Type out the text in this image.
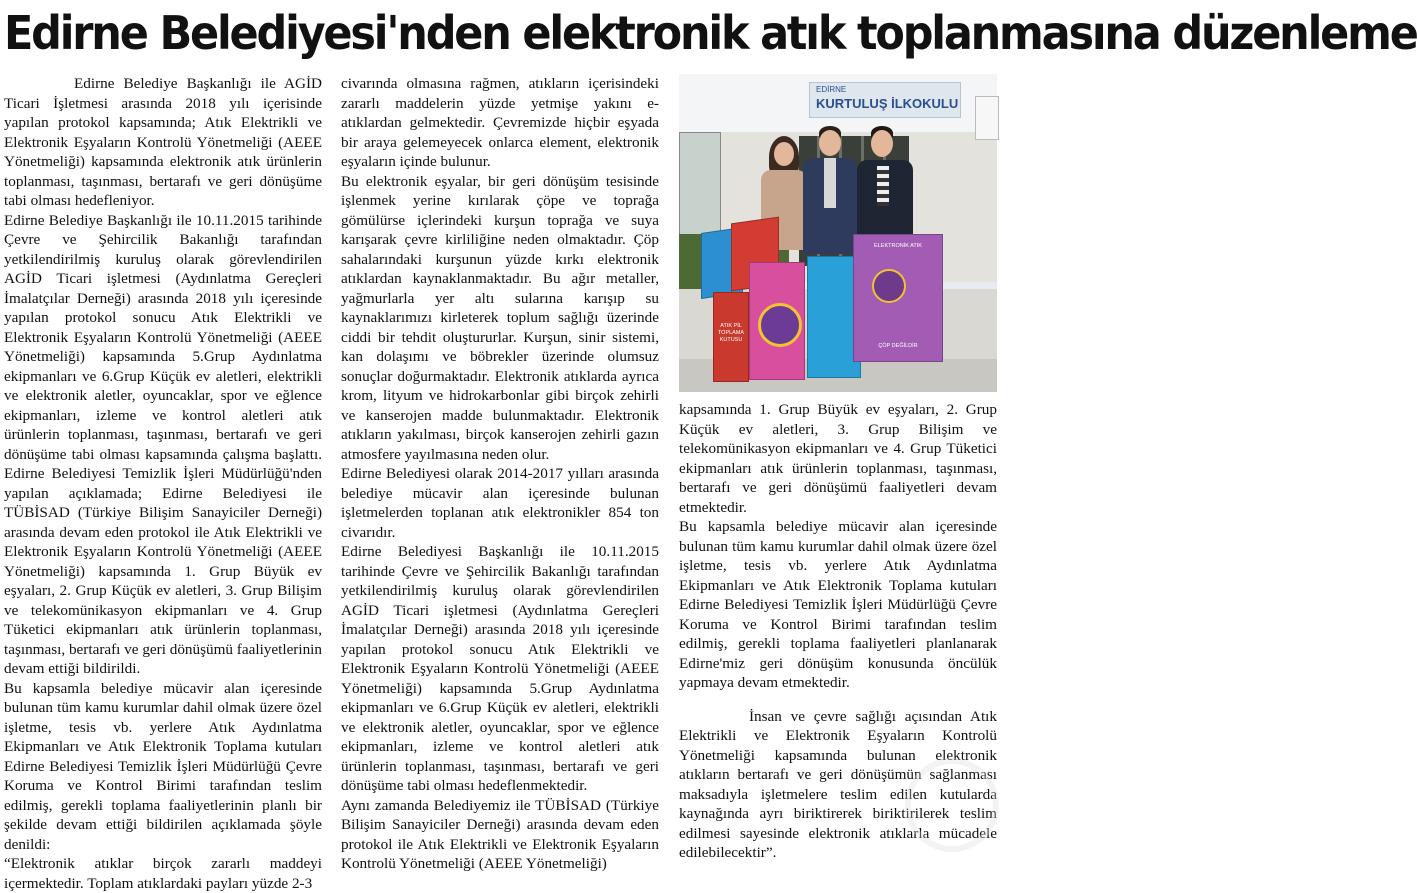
Edirne Belediyesi'nden elektronik atık toplanmasına düzenleme

Edirne Belediye Başkanlığı ile AGİD Ticari İşletmesi arasında 2018 yılı içerisinde yapılan protokol kapsamında; Atık Elektrikli ve Elektronik Eşyaların Kontrolü Yönetmeliği (AEEE Yönetmeliği) kapsamında elektronik atık ürünlerin toplanması, taşınması, bertarafı ve geri dönüşüme tabi olması hedefleniyor.

Edirne Belediye Başkanlığı ile 10.11.2015 tarihinde Çevre ve Şehircilik Bakanlığı tarafından yetkilendirilmiş kuruluş olarak görevlendirilen AGİD Ticari işletmesi (Aydınlatma Gereçleri İmalatçılar Derneği) arasında 2018 yılı içeresinde yapılan protokol sonucu Atık Elektrikli ve Elektronik Eşyaların Kontrolü Yönetmeliği (AEEE Yönetmeliği) kapsamında 5.Grup Aydınlatma ekipmanları ve 6.Grup Küçük ev aletleri, elektrikli ve elektronik aletler, oyuncaklar, spor ve eğlence ekipmanları, izleme ve kontrol aletleri atık ürünlerin toplanması, taşınması, bertarafı ve geri dönüşüme tabi olması kapsamında çalışma başlattı. Edirne Belediyesi Temizlik İşleri Müdürlüğü'nden yapılan açıklamada; Edirne Belediyesi ile TÜBİSAD (Türkiye Bilişim Sanayiciler Derneği) arasında devam eden protokol ile Atık Elektrikli ve Elektronik Eşyaların Kontrolü Yönetmeliği (AEEE Yönetmeliği) kapsamında 1. Grup Büyük ev eşyaları, 2. Grup Küçük ev aletleri, 3. Grup Bilişim ve telekomünikasyon ekipmanları ve 4. Grup Tüketici ekipmanları atık ürünlerin toplanması, taşınması, bertarafı ve geri dönüşümü faaliyetlerinin devam ettiği bildirildi.

Bu kapsamla belediye mücavir alan içeresinde bulunan tüm kamu kurumlar dahil olmak üzere özel işletme, tesis vb. yerlere Atık Aydınlatma Ekipmanları ve Atık Elektronik Toplama kutuları Edirne Belediyesi Temizlik İşleri Müdürlüğü Çevre Koruma ve Kontrol Birimi tarafından teslim edilmiş, gerekli toplama faaliyetlerinin planlı bir şekilde devam ettiği bildirilen açıklamada şöyle denildi:

“Elektronik atıklar birçok zararlı maddeyi içermektedir. Toplam atıklardaki payları yüzde 2-3

civarında olmasına rağmen, atıkların içerisindeki zararlı maddelerin yüzde yetmişe yakını e-atıklardan gelmektedir. Çevremizde hiçbir eşyada bir araya gelemeyecek onlarca element, elektronik eşyaların içinde bulunur.

Bu elektronik eşyalar, bir geri dönüşüm tesisinde işlenmek yerine kırılarak çöpe ve toprağa gömülürse içlerindeki kurşun toprağa ve suya karışarak çevre kirliliğine neden olmaktadır. Çöp sahalarındaki kurşunun yüzde kırkı elektronik atıklardan kaynaklanmaktadır. Bu ağır metaller, yağmurlarla yer altı sularına karışıp su kaynaklarımızı kirleterek toplum sağlığı üzerinde ciddi bir tehdit oluştururlar. Kurşun, sinir sistemi, kan dolaşımı ve böbrekler üzerinde olumsuz sonuçlar doğurmaktadır. Elektronik atıklarda ayrıca krom, lityum ve hidrokarbonlar gibi birçok zehirli ve kanserojen madde bulunmaktadır. Elektronik atıkların yakılması, birçok kanserojen zehirli gazın atmosfere yayılmasına neden olur.

Edirne Belediyesi olarak 2014-2017 yılları arasında belediye mücavir alan içeresinde bulunan işletmelerden toplanan atık elektronikler 854 ton civarıdır.

Edirne Belediyesi Başkanlığı ile 10.11.2015 tarihinde Çevre ve Şehircilik Bakanlığı tarafından yetkilendirilmiş kuruluş olarak görevlendirilen AGİD Ticari işletmesi (Aydınlatma Gereçleri İmalatçılar Derneği) arasında 2018 yılı içeresinde yapılan protokol sonucu Atık Elektrikli ve Elektronik Eşyaların Kontrolü Yönetmeliği (AEEE Yönetmeliği) kapsamında 5.Grup Aydınlatma ekipmanları ve 6.Grup Küçük ev aletleri, elektrikli ve elektronik aletler, oyuncaklar, spor ve eğlence ekipmanları, izleme ve kontrol aletleri atık ürünlerin toplanması, taşınması, bertarafı ve geri dönüşüme tabi olması hedeflenmektedir.

Aynı zamanda Belediyemiz ile TÜBİSAD (Türkiye Bilişim Sanayiciler Derneği) arasında devam eden protokol ile Atık Elektrikli ve Elektronik Eşyaların Kontrolü Yönetmeliği (AEEE Yönetmeliği)

EDİRNE
KURTULUŞ İLKOKULU
ATIK PİL TOPLAMA KUTUSU
ELEKTRONİK ATIK
ÇÖP DEĞİLDİR

kapsamında 1. Grup Büyük ev eşyaları, 2. Grup Küçük ev aletleri, 3. Grup Bilişim ve telekomünikasyon ekipmanları ve 4. Grup Tüketici ekipmanları atık ürünlerin toplanması, taşınması, bertarafı ve geri dönüşümü faaliyetleri devam etmektedir.

Bu kapsamla belediye mücavir alan içeresinde bulunan tüm kamu kurumlar dahil olmak üzere özel işletme, tesis vb. yerlere Atık Aydınlatma Ekipmanları ve Atık Elektronik Toplama kutuları Edirne Belediyesi Temizlik İşleri Müdürlüğü Çevre Koruma ve Kontrol Birimi tarafından teslim edilmiş, gerekli toplama faaliyetleri planlanarak Edirne'miz geri dönüşüm konusunda öncülük yapmaya devam etmektedir.

İnsan ve çevre sağlığı açısından Atık Elektrikli ve Elektronik Eşyaların Kontrolü Yönetmeliği kapsamında bulunan elektronik atıkların bertarafı ve geri dönüşümün sağlanması maksadıyla işletmelere teslim edilen kutularda kaynağında ayrı biriktirerek biriktirilerek teslim edilmesi sayesinde elektronik atıklarla mücadele edilebilecektir”.
